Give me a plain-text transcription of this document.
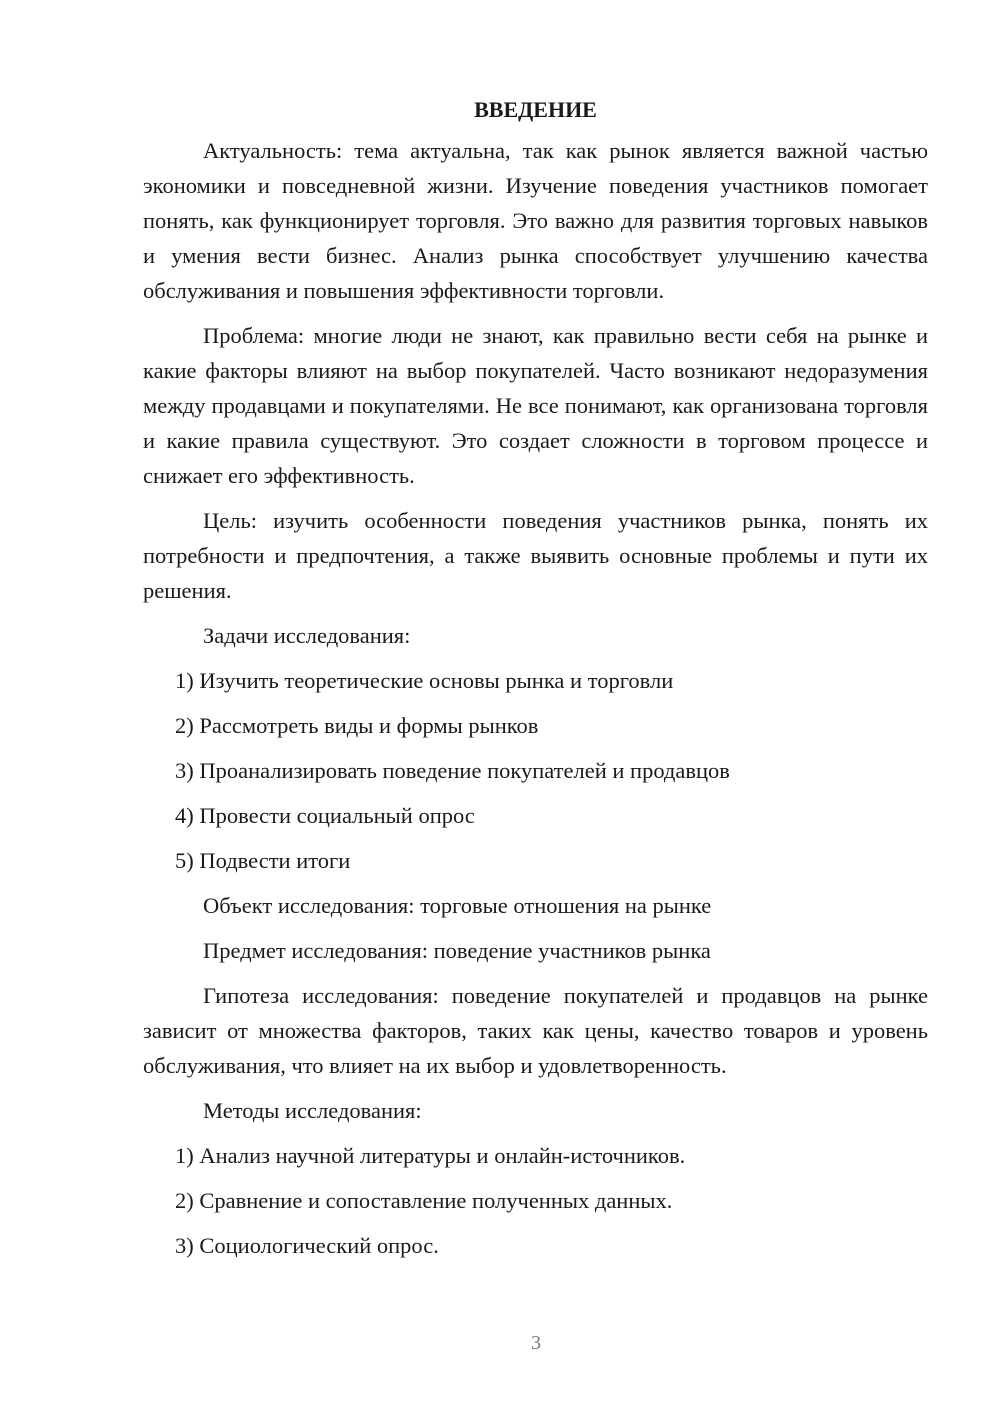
ВВЕДЕНИЕ

Актуальность: тема актуальна, так как рынок является важной частью экономики и повседневной жизни. Изучение поведения участников помогает понять, как функционирует торговля. Это важно для развития торговых навыков и умения вести бизнес. Анализ рынка способствует улучшению качества обслуживания и повышения эффективности торговли.

Проблема: многие люди не знают, как правильно вести себя на рынке и какие факторы влияют на выбор покупателей. Часто возникают недоразумения между продавцами и покупателями. Не все понимают, как организована торговля и какие правила существуют. Это создает сложности в торговом процессе и снижает его эффективность.

Цель: изучить особенности поведения участников рынка, понять их потребности и предпочтения, а также выявить основные проблемы и пути их решения.

Задачи исследования:

1) Изучить теоретические основы рынка и торговли
2) Рассмотреть виды и формы рынков
3) Проанализировать поведение покупателей и продавцов
4) Провести социальный опрос
5) Подвести итоги

Объект исследования: торговые отношения на рынке

Предмет исследования: поведение участников рынка

Гипотеза исследования: поведение покупателей и продавцов на рынке зависит от множества факторов, таких как цены, качество товаров и уровень обслуживания, что влияет на их выбор и удовлетворенность.

Методы исследования:

1) Анализ научной литературы и онлайн-источников.
2) Сравнение и сопоставление полученных данных.
3) Социологический опрос.
3
